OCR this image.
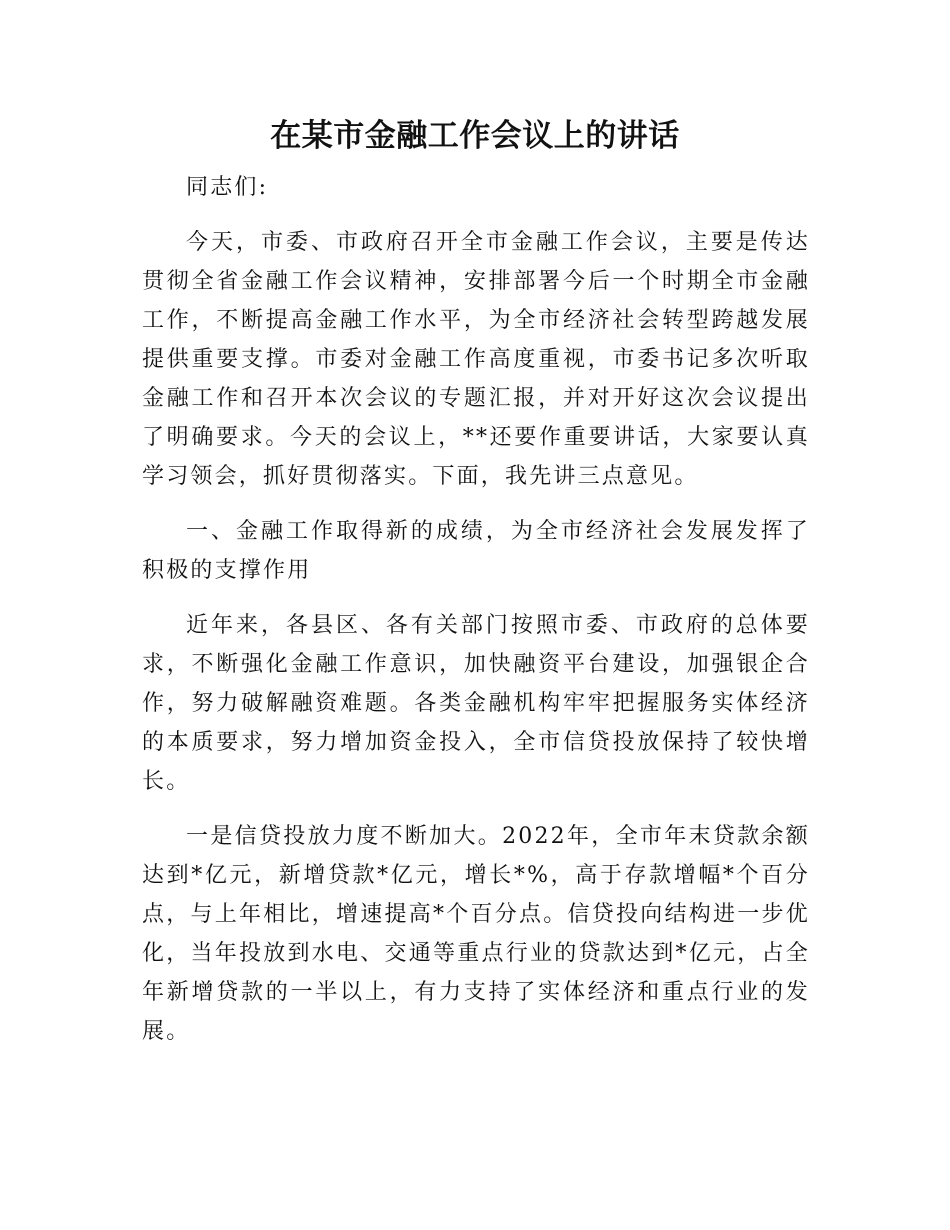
在某市金融工作会议上的讲话

同志们:

今天，市委、市政府召开全市金融工作会议，主要是传达贯彻全省金融工作会议精神，安排部署今后一个时期全市金融工作，不断提高金融工作水平，为全市经济社会转型跨越发展提供重要支撑。市委对金融工作高度重视，市委书记多次听取金融工作和召开本次会议的专题汇报，并对开好这次会议提出了明确要求。今天的会议上，**还要作重要讲话，大家要认真学习领会，抓好贯彻落实。下面，我先讲三点意见。

一、金融工作取得新的成绩，为全市经济社会发展发挥了积极的支撑作用

近年来，各县区、各有关部门按照市委、市政府的总体要求，不断强化金融工作意识，加快融资平台建设，加强银企合作，努力破解融资难题。各类金融机构牢牢把握服务实体经济的本质要求，努力增加资金投入，全市信贷投放保持了较快增长。

一是信贷投放力度不断加大。2022年，全市年末贷款余额达到*亿元，新增贷款*亿元，增长*%，高于存款增幅*个百分点，与上年相比，增速提高*个百分点。信贷投向结构进一步优化，当年投放到水电、交通等重点行业的贷款达到*亿元，占全年新增贷款的一半以上，有力支持了实体经济和重点行业的发展。
